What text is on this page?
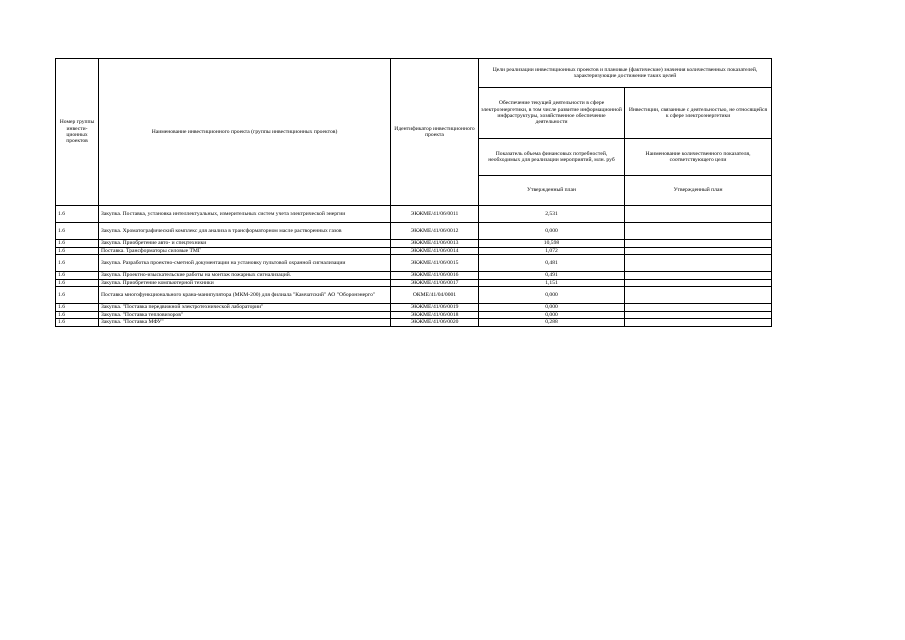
Номер группы инвести-ционных проектов	Наименование инвестиционного проекта (группы инвестиционных проектов)	Идентификатор инвестиционного проекта	Цели реализации инвестиционных проектов и плановые (фактические) значения количественных показателей, характеризующие достижение таких целей	
			Обеспечение текущей деятельности в сфере электроэнергетики, в том числе развитие информационной инфраструктуры, хозяйственное обеспечение деятельности	Инвестиции, связанные с деятельностью, не относящейся к сфере электроэнергетики
			Показатель объема финансовых потребностей, необходимых для реализации мероприятий, млн. руб	Наименование количественного показателя, соответствующего цели
			Утвержденный план	Утвержденный план
1.6	Закупка. Поставка, установка интеллектуальных, измерительных систем учета электрической энергии	ЭКЖМЕ/41/06/0011	2,531	
1.6	Закупка. Хроматографический комплекс для анализа в трансформаторном масле растворенных газов	ЭКЖМЕ/41/06/0012	0,000	
1.6	Закупка. Приобретение авто- и спецтехники	ЭКЖМЕ/41/06/0013	10,598	
1.6	Поставка. Трансформаторы силовые ТМГ	ЭКЖМЕ/41/06/0014	1,072	
1.6	Закупка. Разработка проектно-сметной документации на установку пультовой охранной сигнализации	ЭКЖМЕ/41/06/0015	0,481	
1.6	Закупка. Проектно-изыскательские работы на монтаж пожарных сигнализаций.	ЭКЖМЕ/41/06/0016	0,491	
1.6	Закупка. Приобретение компьютерной техники	ЭКЖМЕ/41/06/0017	1,151	
1.6	Поставка многофункционального крана-манипулятора (МКМ-200) для филиала "Камчатский" АО "Оборонэнерго"	ОКМЕ/41/04/0001	0,000	
1.6	Закупка. "Поставка передвижной электротехнической лаборатории"	ЭКЖМЕ/41/06/0019	0,000	
1.6	Закупка. "Поставка тепловизоров"	ЭКЖМЕ/41/06/0018	0,000	
1.6	Закупка. "Поставка МФУ"	ЭКЖМЕ/41/06/0020	0,288	
